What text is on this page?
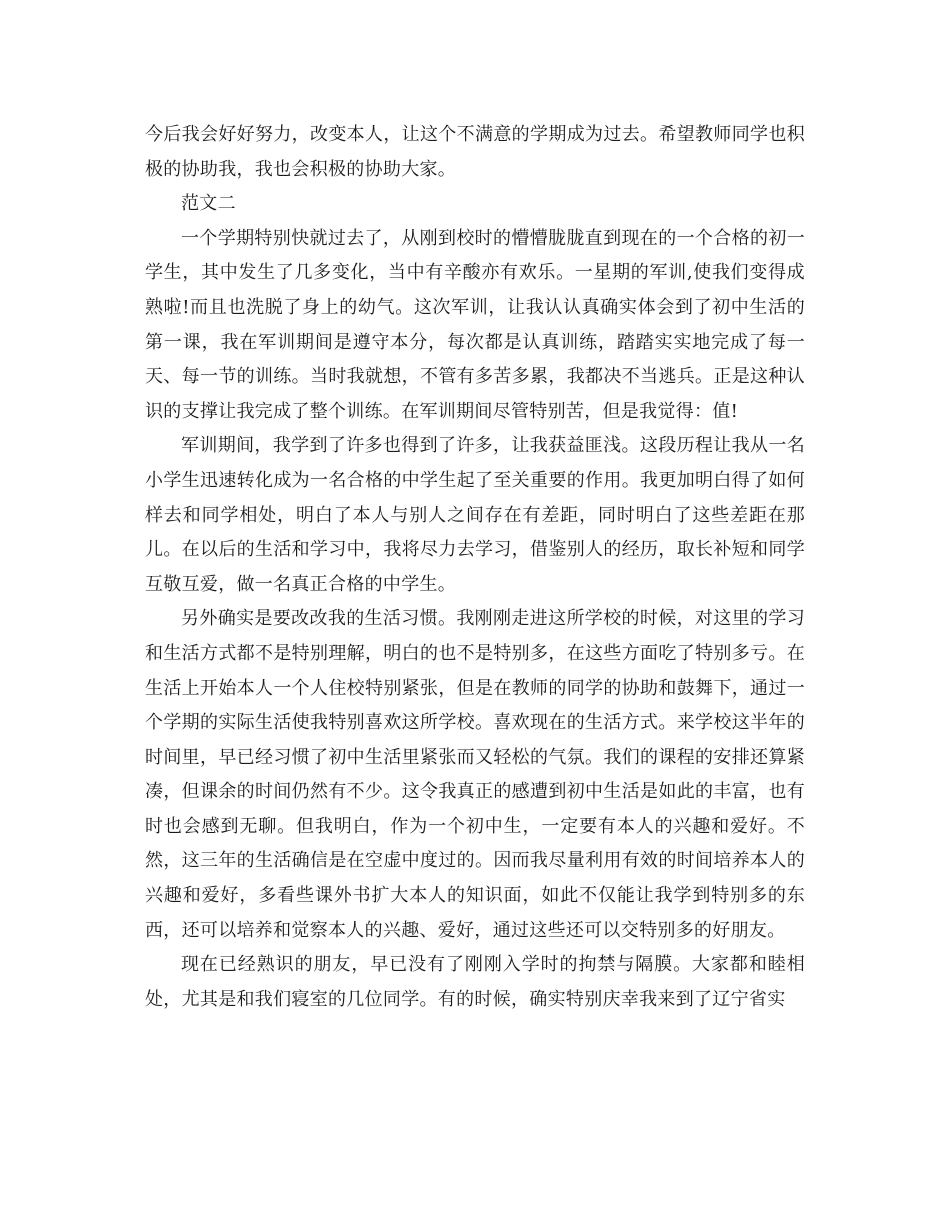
今后我会好好努力，改变本人，让这个不满意的学期成为过去。希望教师同学也积极的协助我，我也会积极的协助大家。

范文二

一个学期特别快就过去了，从刚到校时的懵懵胧胧直到现在的一个合格的初一学生，其中发生了几多变化，当中有辛酸亦有欢乐。一星期的军训,使我们变得成熟啦!而且也洗脱了身上的幼气。这次军训，让我认认真确实体会到了初中生活的第一课，我在军训期间是遵守本分，每次都是认真训练，踏踏实实地完成了每一天、每一节的训练。当时我就想，不管有多苦多累，我都决不当逃兵。正是这种认识的支撑让我完成了整个训练。在军训期间尽管特别苦，但是我觉得：值!

军训期间，我学到了许多也得到了许多，让我获益匪浅。这段历程让我从一名小学生迅速转化成为一名合格的中学生起了至关重要的作用。我更加明白得了如何样去和同学相处，明白了本人与别人之间存在有差距，同时明白了这些差距在那儿。在以后的生活和学习中，我将尽力去学习，借鉴别人的经历，取长补短和同学互敬互爱，做一名真正合格的中学生。

另外确实是要改改我的生活习惯。我刚刚走进这所学校的时候，对这里的学习和生活方式都不是特别理解，明白的也不是特别多，在这些方面吃了特别多亏。在生活上开始本人一个人住校特别紧张，但是在教师的同学的协助和鼓舞下，通过一个学期的实际生活使我特别喜欢这所学校。喜欢现在的生活方式。来学校这半年的时间里，早已经习惯了初中生活里紧张而又轻松的气氛。我们的课程的安排还算紧凑，但课余的时间仍然有不少。这令我真正的感遭到初中生活是如此的丰富，也有时也会感到无聊。但我明白，作为一个初中生，一定要有本人的兴趣和爱好。不然，这三年的生活确信是在空虚中度过的。因而我尽量利用有效的时间培养本人的兴趣和爱好，多看些课外书扩大本人的知识面，如此不仅能让我学到特别多的东西，还可以培养和觉察本人的兴趣、爱好，通过这些还可以交特别多的好朋友。

现在已经熟识的朋友，早已没有了刚刚入学时的拘禁与隔膜。大家都和睦相处，尤其是和我们寝室的几位同学。有的时候，确实特别庆幸我来到了辽宁省实
